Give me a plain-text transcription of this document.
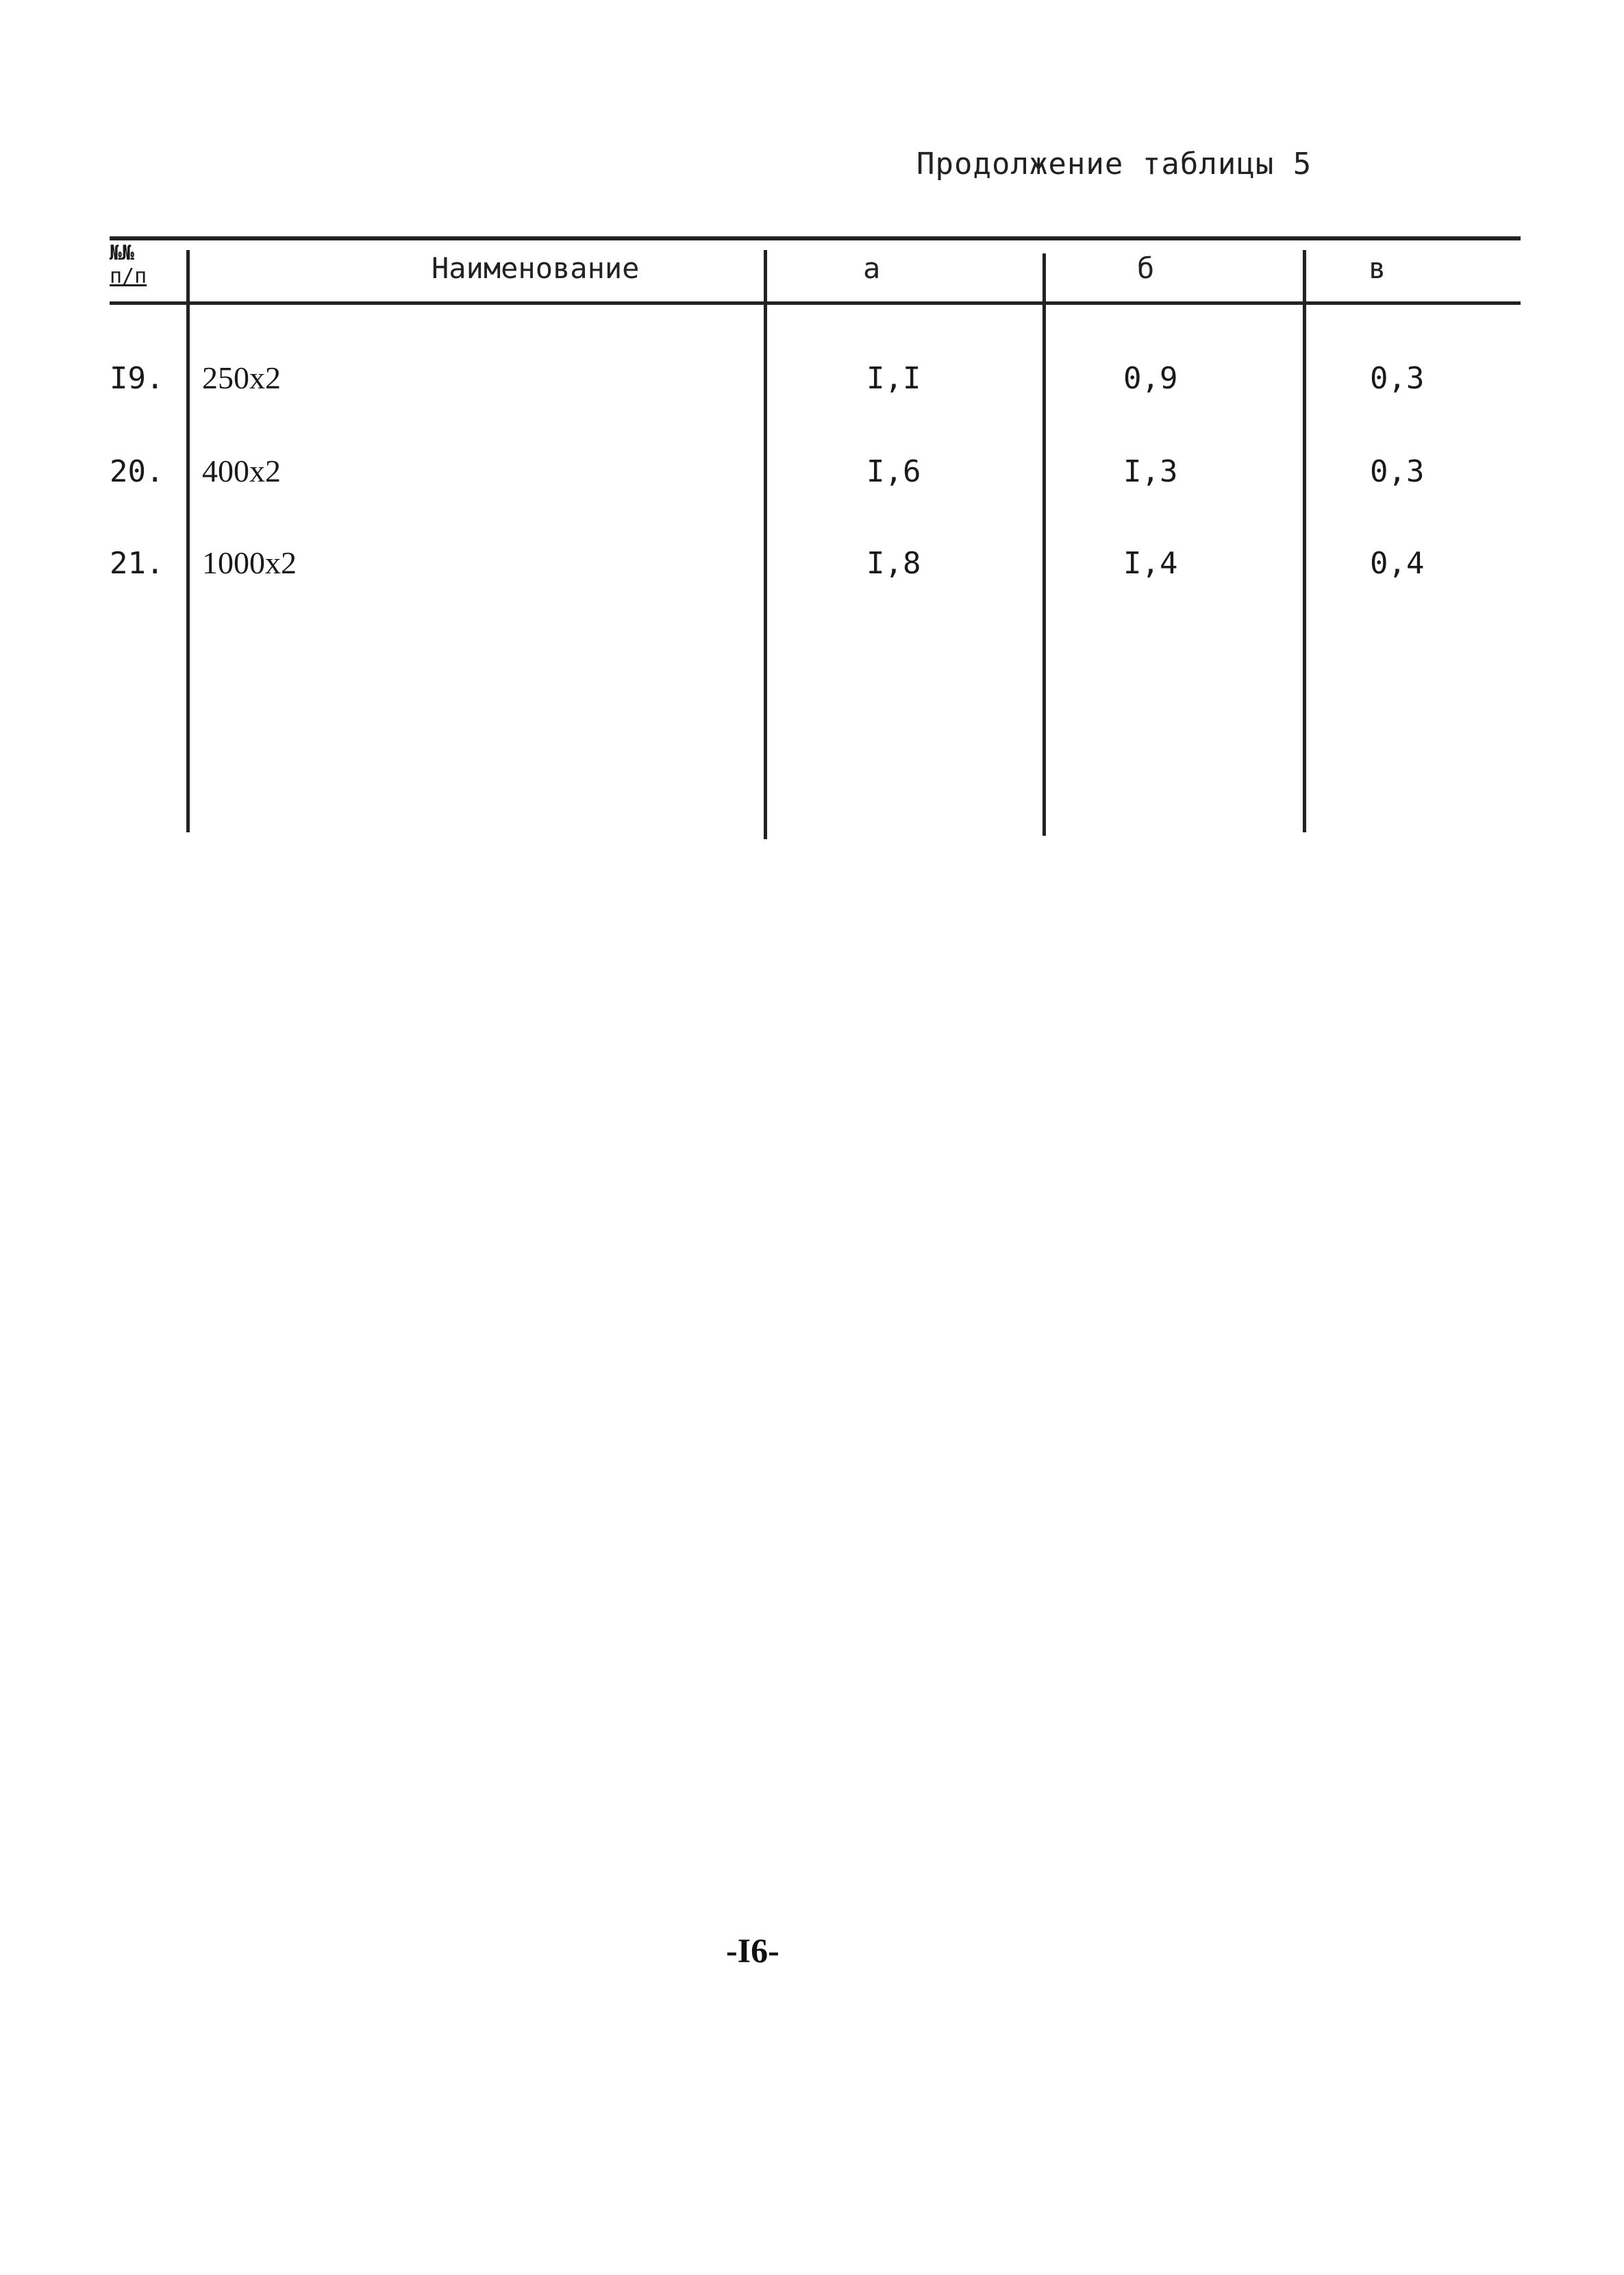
Продолжение таблицы 5
№№
п/п	Наименование	а	б	в
I9. 250x2	I,I	0,9	0,3
20. 400x2	I,6	I,3	0,3
21. 1000x2	I,8	I,4	0,4
-I6-
